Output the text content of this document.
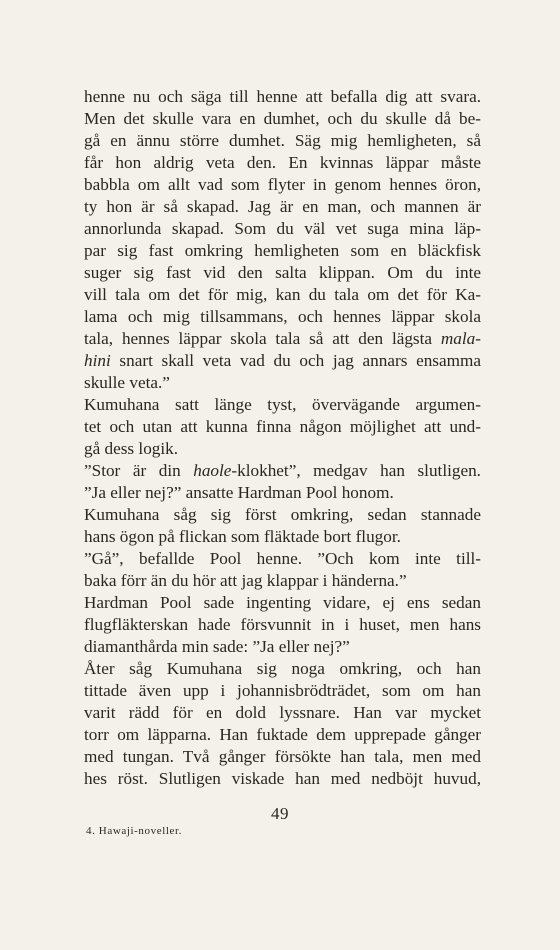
henne nu och säga till henne att befalla dig att svara.
Men det skulle vara en dumhet, och du skulle då be-
gå en ännu större dumhet. Säg mig hemligheten, så
får hon aldrig veta den. En kvinnas läppar måste
babbla om allt vad som flyter in genom hennes öron,
ty hon är så skapad. Jag är en man, och mannen är
annorlunda skapad. Som du väl vet suga mina läp-
par sig fast omkring hemligheten som en bläckfisk
suger sig fast vid den salta klippan. Om du inte
vill tala om det för mig, kan du tala om det för Ka-
lama och mig tillsammans, och hennes läppar skola
tala, hennes läppar skola tala så att den lägsta mala-
hini snart skall veta vad du och jag annars ensamma
skulle veta.”
Kumuhana satt länge tyst, övervägande argumen-
tet och utan att kunna finna någon möjlighet att und-
gå dess logik.
”Stor är din haole-klokhet”, medgav han slutligen.
”Ja eller nej?” ansatte Hardman Pool honom.
Kumuhana såg sig först omkring, sedan stannade
hans ögon på flickan som fläktade bort flugor.
”Gå”, befallde Pool henne. ”Och kom inte till-
baka förr än du hör att jag klappar i händerna.”
Hardman Pool sade ingenting vidare, ej ens sedan
flugfläkterskan hade försvunnit in i huset, men hans
diamanthårda min sade: ”Ja eller nej?”
Åter såg Kumuhana sig noga omkring, och han
tittade även upp i johannisbrödträdet, som om han
varit rädd för en dold lyssnare. Han var mycket
torr om läpparna. Han fuktade dem upprepade gånger
med tungan. Två gånger försökte han tala, men med
hes röst. Slutligen viskade han med nedböjt huvud,
49
4. Hawaji-noveller.
